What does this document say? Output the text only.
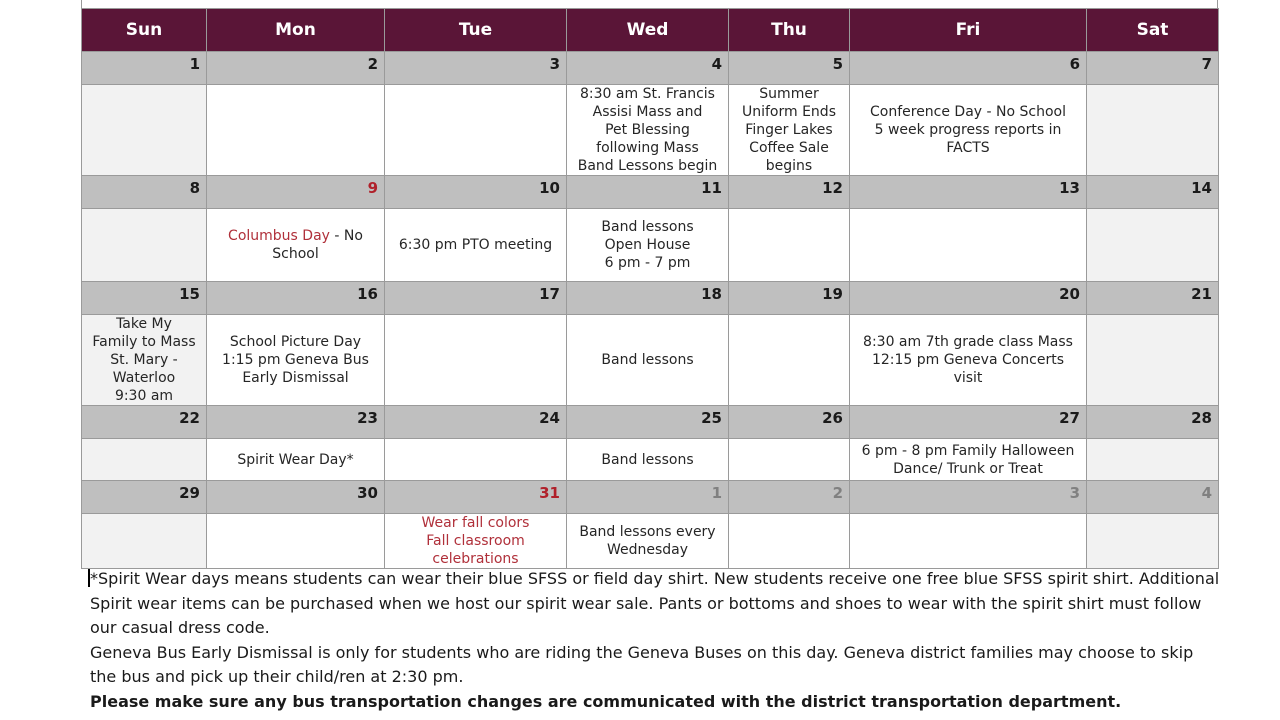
Sun	Mon	Tue	Wed	Thu	Fri	Sat
1	2	3	4	5	6	7

			8:30 am St. Francis
Assisi Mass and
Pet Blessing
following Mass
Band Lessons begin	Summer
Uniform Ends
Finger Lakes
Coffee Sale
begins	Conference Day - No School
5 week progress reports in
FACTS	

8	9	10	11	12	13	14

	Columbus Day - No
School	6:30 pm PTO meeting	Band lessons
Open House
6 pm - 7 pm			

15	16	17	18	19	20	21

Take My
Family to Mass
St. Mary -
Waterloo
9:30 am	School Picture Day
1:15 pm Geneva Bus
Early Dismissal		Band lessons		8:30 am 7th grade class Mass
12:15 pm Geneva Concerts
visit	

22	23	24	25	26	27	28

	Spirit Wear Day*		Band lessons		6 pm - 8 pm Family Halloween
Dance/ Trunk or Treat	

29	30	31	1	2	3	4

		Wear fall colors
Fall classroom
celebrations	Band lessons every
Wednesday			

*Spirit Wear days means students can wear their blue SFSS or field day shirt. New students receive one free blue SFSS spirit shirt. Additional Spirit wear items can be purchased when we host our spirit wear sale. Pants or bottoms and shoes to wear with the spirit shirt must follow our casual dress code.

Geneva Bus Early Dismissal is only for students who are riding the Geneva Buses on this day. Geneva district families may choose to skip the bus and pick up their child/ren at 2:30 pm.

Please make sure any bus transportation changes are communicated with the district transportation department.
